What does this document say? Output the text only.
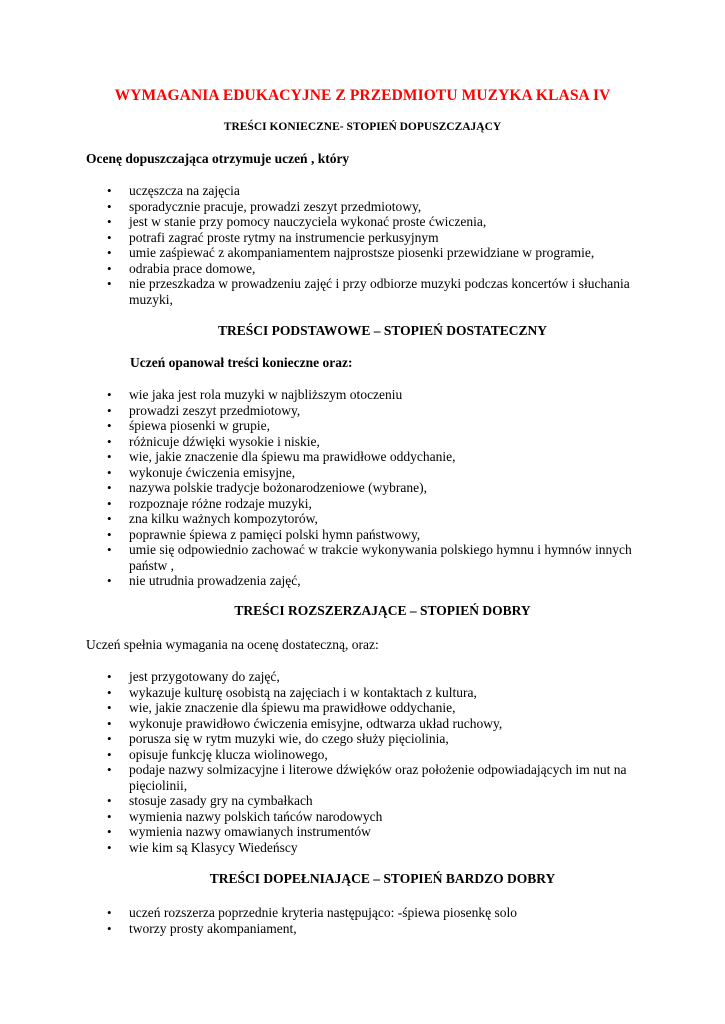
WYMAGANIA EDUKACYJNE Z PRZEDMIOTU MUZYKA KLASA IV
TREŚCI KONIECZNE- STOPIEŃ DOPUSZCZAJĄCY

Ocenę dopuszczająca otrzymuje uczeń , który

• uczęszcza na zajęcia
• sporadycznie pracuje, prowadzi zeszyt przedmiotowy,
• jest w stanie przy pomocy nauczyciela wykonać proste ćwiczenia,
• potrafi zagrać proste rytmy na instrumencie perkusyjnym
• umie zaśpiewać z akompaniamentem najprostsze piosenki przewidziane w programie,
• odrabia prace domowe,
• nie przeszkadza w prowadzeniu zajęć i przy odbiorze muzyki podczas koncertów i słuchania muzyki,

TREŚCI PODSTAWOWE – STOPIEŃ DOSTATECZNY

Uczeń opanował treści konieczne oraz:

• wie jaka jest rola muzyki w najbliższym otoczeniu
• prowadzi zeszyt przedmiotowy,
• śpiewa piosenki w grupie,
• różnicuje dźwięki wysokie i niskie,
• wie, jakie znaczenie dla śpiewu ma prawidłowe oddychanie,
• wykonuje ćwiczenia emisyjne,
• nazywa polskie tradycje bożonarodzeniowe (wybrane),
• rozpoznaje różne rodzaje muzyki,
• zna kilku ważnych kompozytorów,
• poprawnie śpiewa z pamięci polski hymn państwowy,
• umie się odpowiednio zachować w trakcie wykonywania polskiego hymnu i hymnów innych państw ,
• nie utrudnia prowadzenia zajęć,

TREŚCI ROZSZERZAJĄCE – STOPIEŃ DOBRY

Uczeń spełnia wymagania na ocenę dostateczną, oraz:

• jest przygotowany do zajęć,
• wykazuje kulturę osobistą na zajęciach i w kontaktach z kultura,
• wie, jakie znaczenie dla śpiewu ma prawidłowe oddychanie,
• wykonuje prawidłowo ćwiczenia emisyjne, odtwarza układ ruchowy,
• porusza się w rytm muzyki wie, do czego służy pięciolinia,
• opisuje funkcję klucza wiolinowego,
• podaje nazwy solmizacyjne i literowe dźwięków oraz położenie odpowiadających im nut na pięciolinii,
• stosuje zasady gry na cymbałkach
• wymienia nazwy polskich tańców narodowych
• wymienia nazwy omawianych instrumentów
• wie kim są Klasycy Wiedeńscy

TREŚCI DOPEŁNIAJĄCE – STOPIEŃ BARDZO DOBRY

• uczeń rozszerza poprzednie kryteria następująco: -śpiewa piosenkę solo
• tworzy prosty akompaniament,
